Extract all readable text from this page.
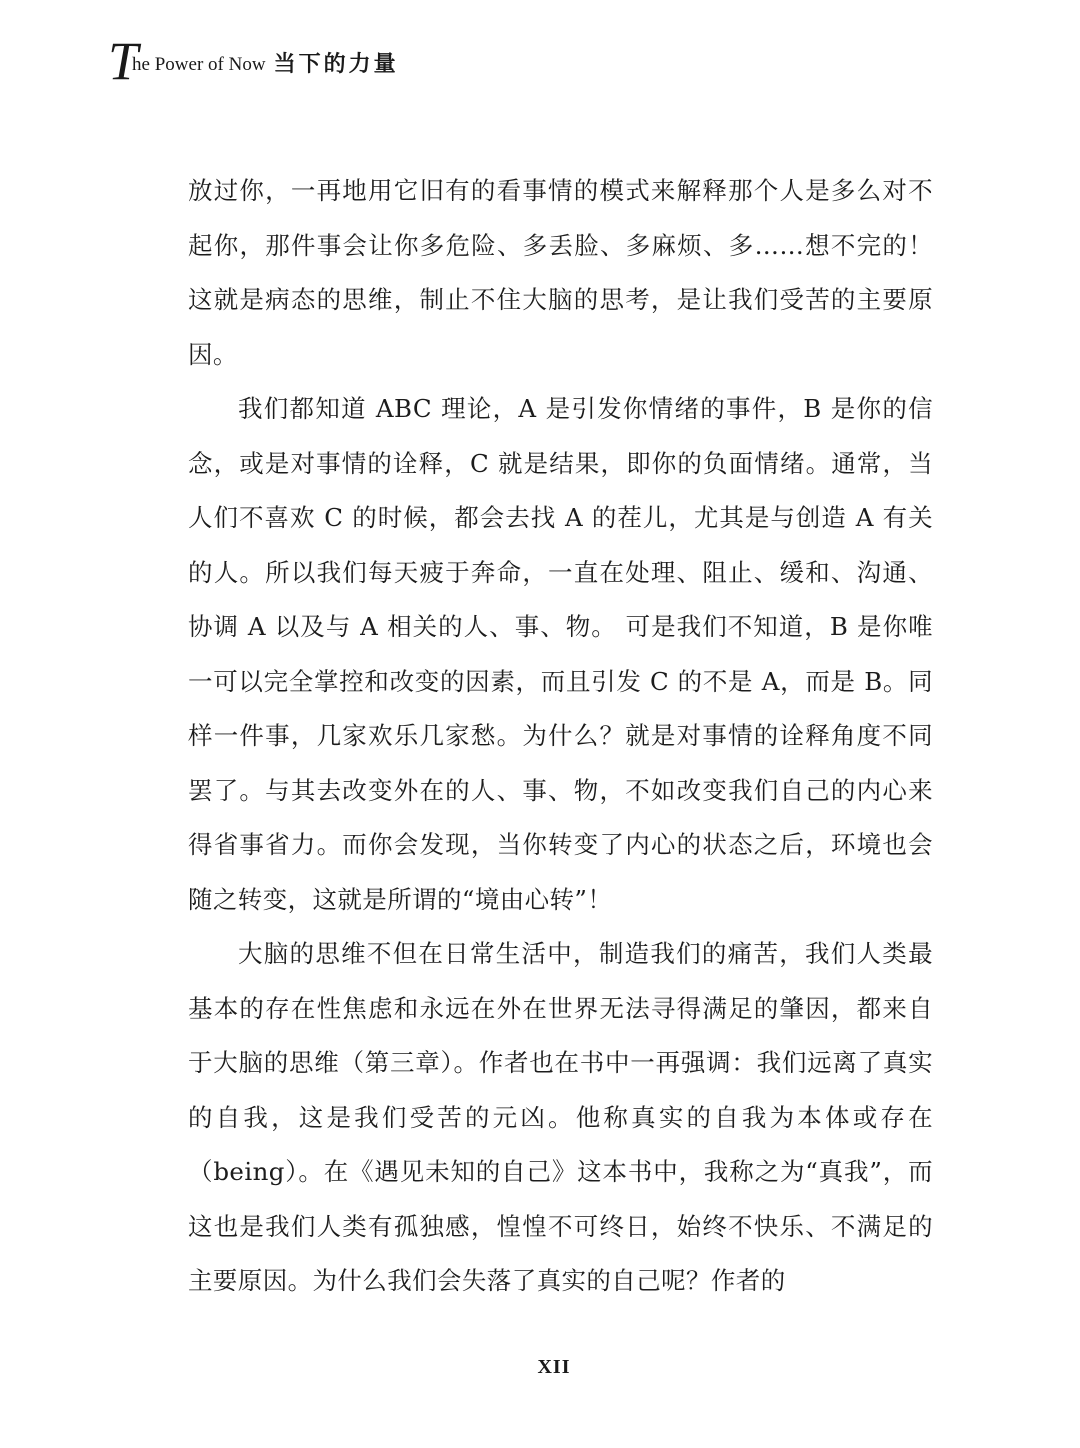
T
he Power of Now 当下的力量

放过你，一再地用它旧有的看事情的模式来解释那个人是多么对不起你，那件事会让你多危险、多丢脸、多麻烦、多……想不完的！这就是病态的思维，制止不住大脑的思考，是让我们受苦的主要原因。

我们都知道 ABC 理论，A 是引发你情绪的事件，B 是你的信念，或是对事情的诠释，C 就是结果，即你的负面情绪。通常，当人们不喜欢 C 的时候，都会去找 A 的茬儿，尤其是与创造 A 有关的人。所以我们每天疲于奔命，一直在处理、阻止、缓和、沟通、协调 A 以及与 A 相关的人、事、物。 可是我们不知道，B 是你唯一可以完全掌控和改变的因素，而且引发 C 的不是 A，而是 B。同样一件事，几家欢乐几家愁。为什么？就是对事情的诠释角度不同罢了。与其去改变外在的人、事、物，不如改变我们自己的内心来得省事省力。而你会发现，当你转变了内心的状态之后，环境也会随之转变，这就是所谓的“境由心转”！

大脑的思维不但在日常生活中，制造我们的痛苦，我们人类最基本的存在性焦虑和永远在外在世界无法寻得满足的肇因，都来自于大脑的思维（第三章）。作者也在书中一再强调：我们远离了真实的自我，这是我们受苦的元凶。他称真实的自我为本体或存在（being）。在《遇见未知的自己》这本书中，我称之为“真我”，而这也是我们人类有孤独感，惶惶不可终日，始终不快乐、不满足的主要原因。为什么我们会失落了真实的自己呢？作者的

XII
